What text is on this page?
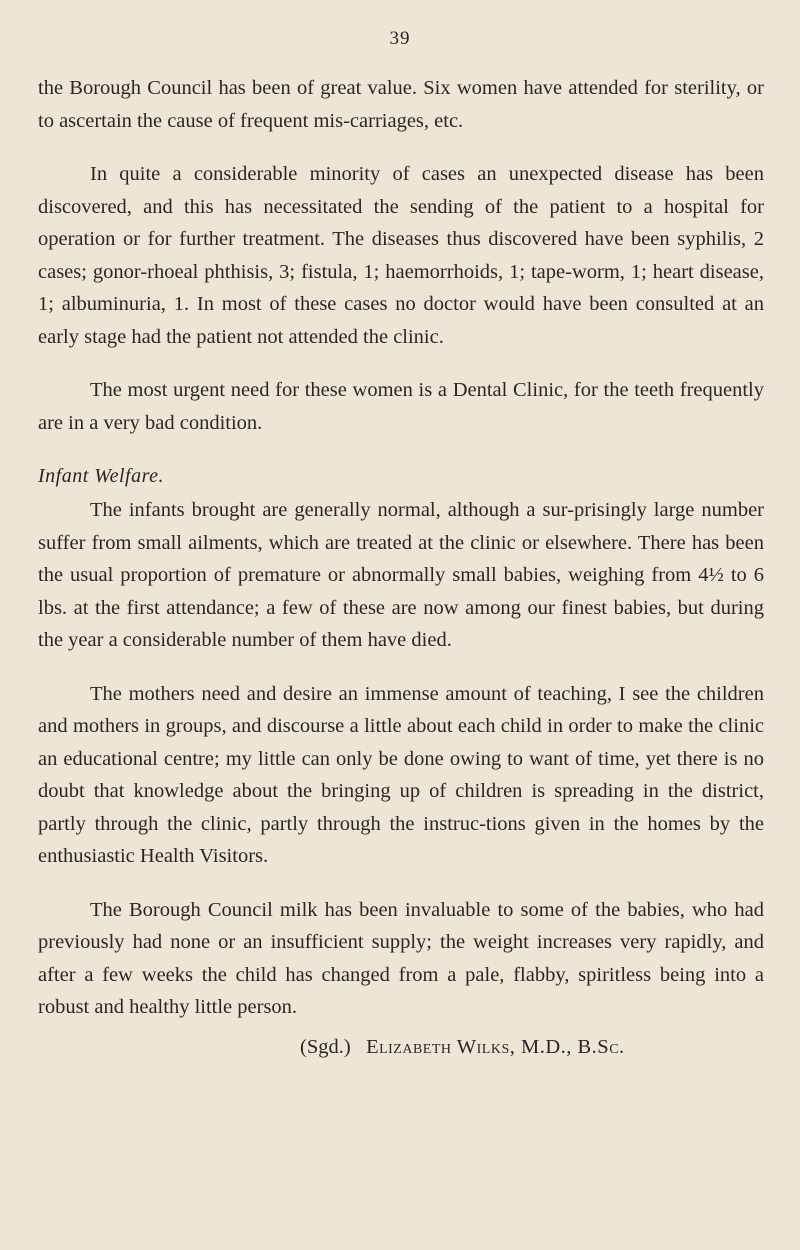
39

the Borough Council has been of great value. Six women have attended for sterility, or to ascertain the cause of frequent mis-carriages, etc.

In quite a considerable minority of cases an unexpected disease has been discovered, and this has necessitated the sending of the patient to a hospital for operation or for further treatment. The diseases thus discovered have been syphilis, 2 cases; gonor-rhoeal phthisis, 3; fistula, 1; haemorrhoids, 1; tape-worm, 1; heart disease, 1; albuminuria, 1. In most of these cases no doctor would have been consulted at an early stage had the patient not attended the clinic.

The most urgent need for these women is a Dental Clinic, for the teeth frequently are in a very bad condition.

Infant Welfare.

The infants brought are generally normal, although a sur-prisingly large number suffer from small ailments, which are treated at the clinic or elsewhere. There has been the usual proportion of premature or abnormally small babies, weighing from 4½ to 6 lbs. at the first attendance; a few of these are now among our finest babies, but during the year a considerable number of them have died.

The mothers need and desire an immense amount of teaching, I see the children and mothers in groups, and discourse a little about each child in order to make the clinic an educational centre; my little can only be done owing to want of time, yet there is no doubt that knowledge about the bringing up of children is spreading in the district, partly through the clinic, partly through the instruc-tions given in the homes by the enthusiastic Health Visitors.

The Borough Council milk has been invaluable to some of the babies, who had previously had none or an insufficient supply; the weight increases very rapidly, and after a few weeks the child has changed from a pale, flabby, spiritless being into a robust and healthy little person.

(Sgd.) Elizabeth Wilks, M.D., B.Sc.
